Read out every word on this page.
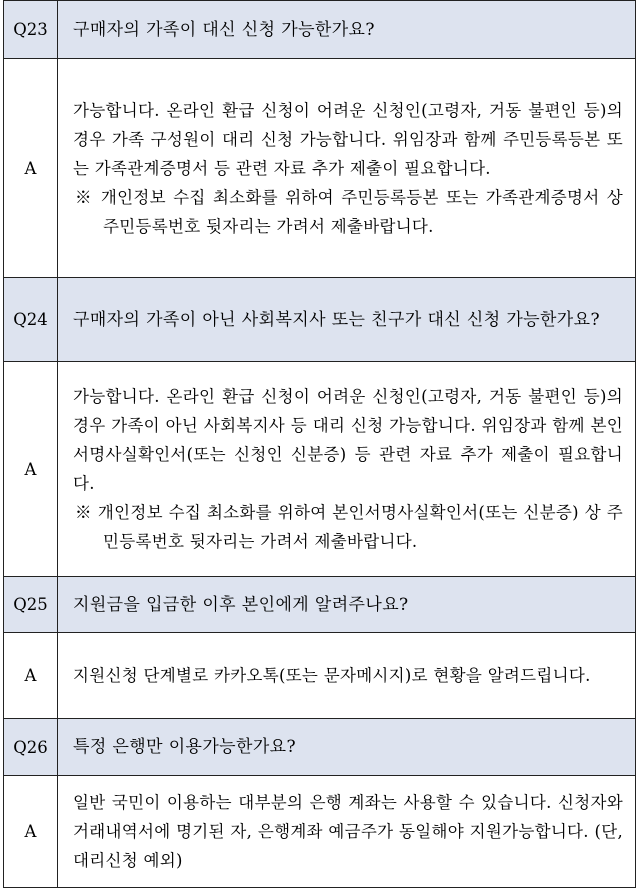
Q23	구매자의 가족이 대신 신청 가능한가요?
A	가능합니다. 온라인 환급 신청이 어려운 신청인(고령자, 거동 불편인 등)의 경우 가족 구성원이 대리 신청 가능합니다. 위임장과 함께 주민등록등본 또는 가족관계증명서 등 관련 자료 추가 제출이 필요합니다.
※ 개인정보 수집 최소화를 위하여 주민등록등본 또는 가족관계증명서 상 주민등록번호 뒷자리는 가려서 제출바랍니다.

Q24	구매자의 가족이 아닌 사회복지사 또는 친구가 대신 신청 가능한가요?
A	가능합니다. 온라인 환급 신청이 어려운 신청인(고령자, 거동 불편인 등)의 경우 가족이 아닌 사회복지사 등 대리 신청 가능합니다. 위임장과 함께 본인서명사실확인서(또는 신청인 신분증) 등 관련 자료 추가 제출이 필요합니다.
※ 개인정보 수집 최소화를 위하여 본인서명사실확인서(또는 신분증) 상 주민등록번호 뒷자리는 가려서 제출바랍니다.

Q25	지원금을 입금한 이후 본인에게 알려주나요?
A	지원신청 단계별로 카카오톡(또는 문자메시지)로 현황을 알려드립니다.
Q26	특정 은행만 이용가능한가요?
A	일반 국민이 이용하는 대부분의 은행 계좌는 사용할 수 있습니다. 신청자와 거래내역서에 명기된 자, 은행계좌 예금주가 동일해야 지원가능합니다. (단, 대리신청 예외)
